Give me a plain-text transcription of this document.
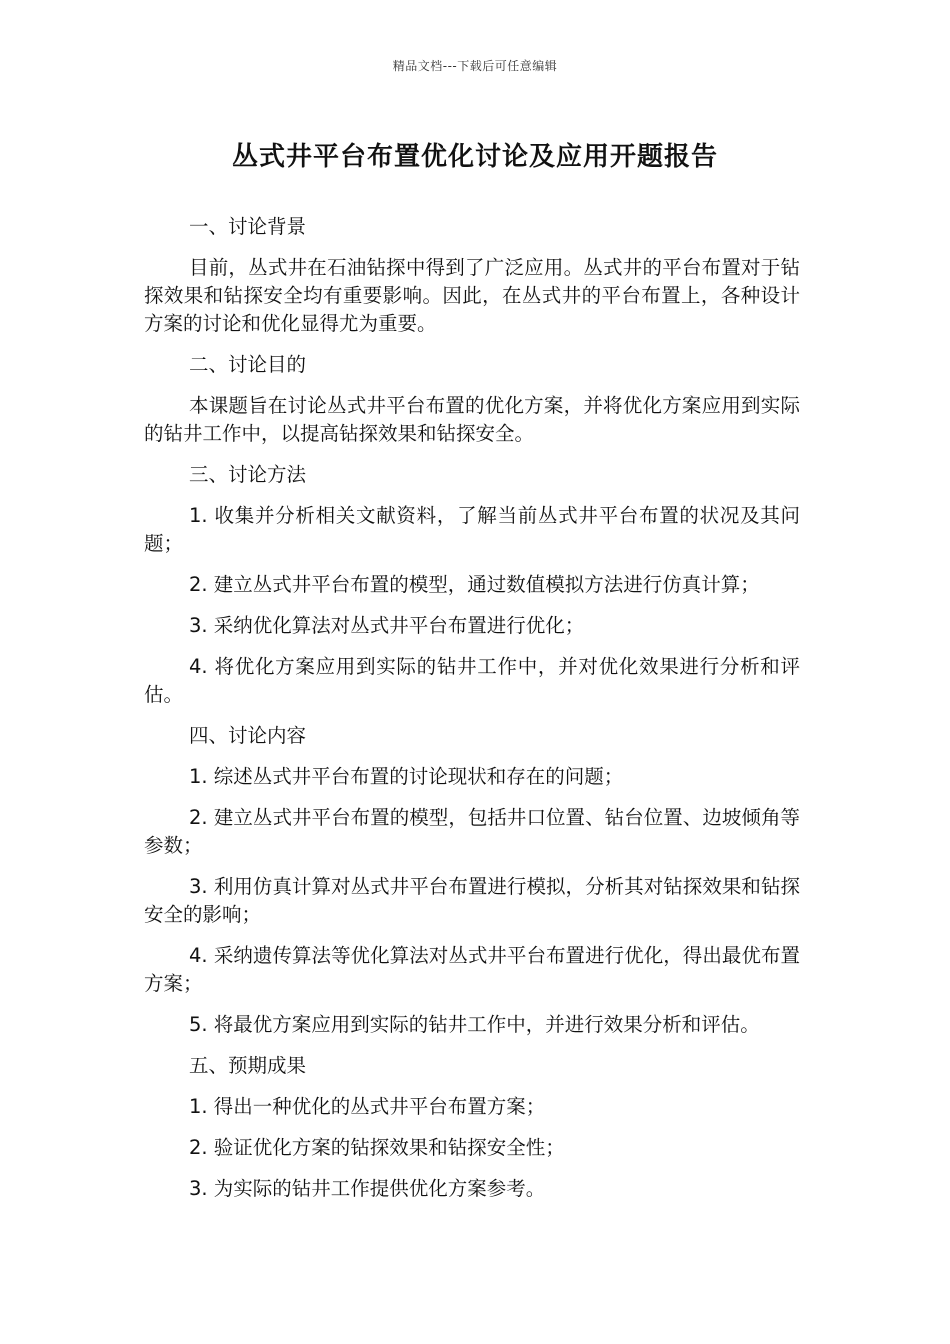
精品文档---下载后可任意编辑
丛式井平台布置优化讨论及应用开题报告
一、讨论背景

目前，丛式井在石油钻探中得到了广泛应用。丛式井的平台布置对于钻探效果和钻探安全均有重要影响。因此，在丛式井的平台布置上，各种设计方案的讨论和优化显得尤为重要。

二、讨论目的

本课题旨在讨论丛式井平台布置的优化方案，并将优化方案应用到实际的钻井工作中，以提高钻探效果和钻探安全。

三、讨论方法

1. 收集并分析相关文献资料，了解当前丛式井平台布置的状况及其问题；

2. 建立丛式井平台布置的模型，通过数值模拟方法进行仿真计算；

3. 采纳优化算法对丛式井平台布置进行优化；

4. 将优化方案应用到实际的钻井工作中，并对优化效果进行分析和评估。

四、讨论内容

1. 综述丛式井平台布置的讨论现状和存在的问题；

2. 建立丛式井平台布置的模型，包括井口位置、钻台位置、边坡倾角等参数；

3. 利用仿真计算对丛式井平台布置进行模拟，分析其对钻探效果和钻探安全的影响；

4. 采纳遗传算法等优化算法对丛式井平台布置进行优化，得出最优布置方案；

5. 将最优方案应用到实际的钻井工作中，并进行效果分析和评估。

五、预期成果

1. 得出一种优化的丛式井平台布置方案；

2. 验证优化方案的钻探效果和钻探安全性；

3. 为实际的钻井工作提供优化方案参考。
